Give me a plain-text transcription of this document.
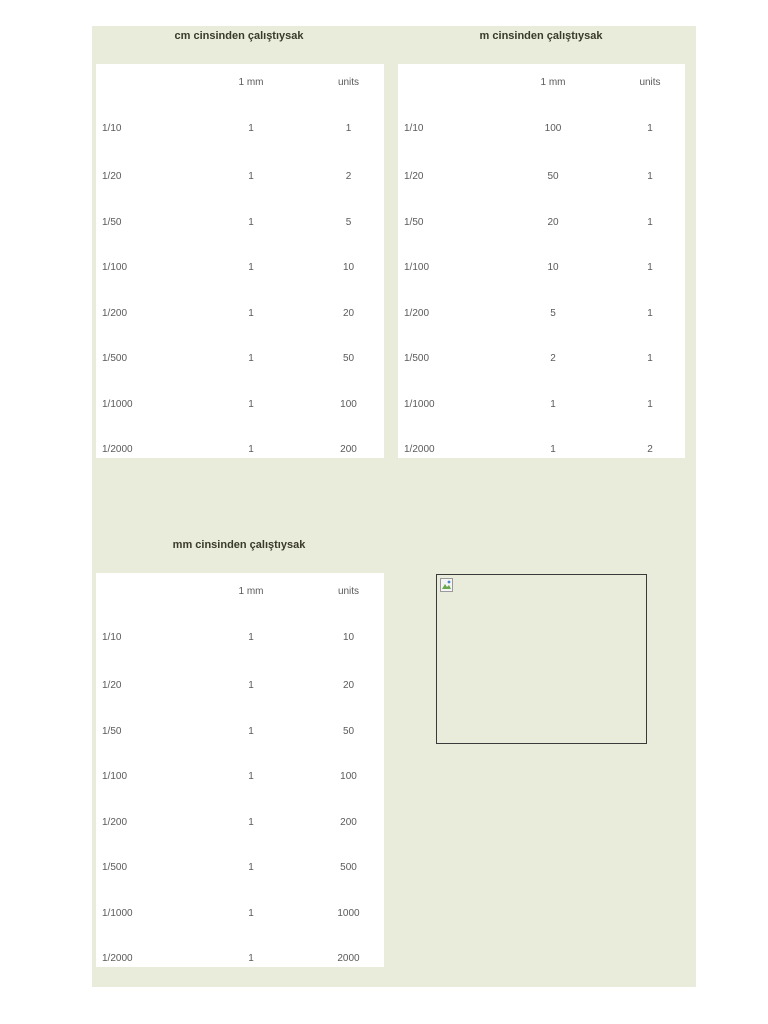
cm cinsinden çalıştıysak
	1 mm	units
1/10	1	1
1/20	1	2
1/50	1	5
1/100	1	10
1/200	1	20
1/500	1	50
1/1000	1	100
1/2000	1	200
m cinsinden çalıştıysak
	1 mm	units
1/10	100	1
1/20	50	1
1/50	20	1
1/100	10	1
1/200	5	1
1/500	2	1
1/1000	1	1
1/2000	1	2
mm cinsinden çalıştıysak
	1 mm	units
1/10	1	10
1/20	1	20
1/50	1	50
1/100	1	100
1/200	1	200
1/500	1	500
1/1000	1	1000
1/2000	1	2000
